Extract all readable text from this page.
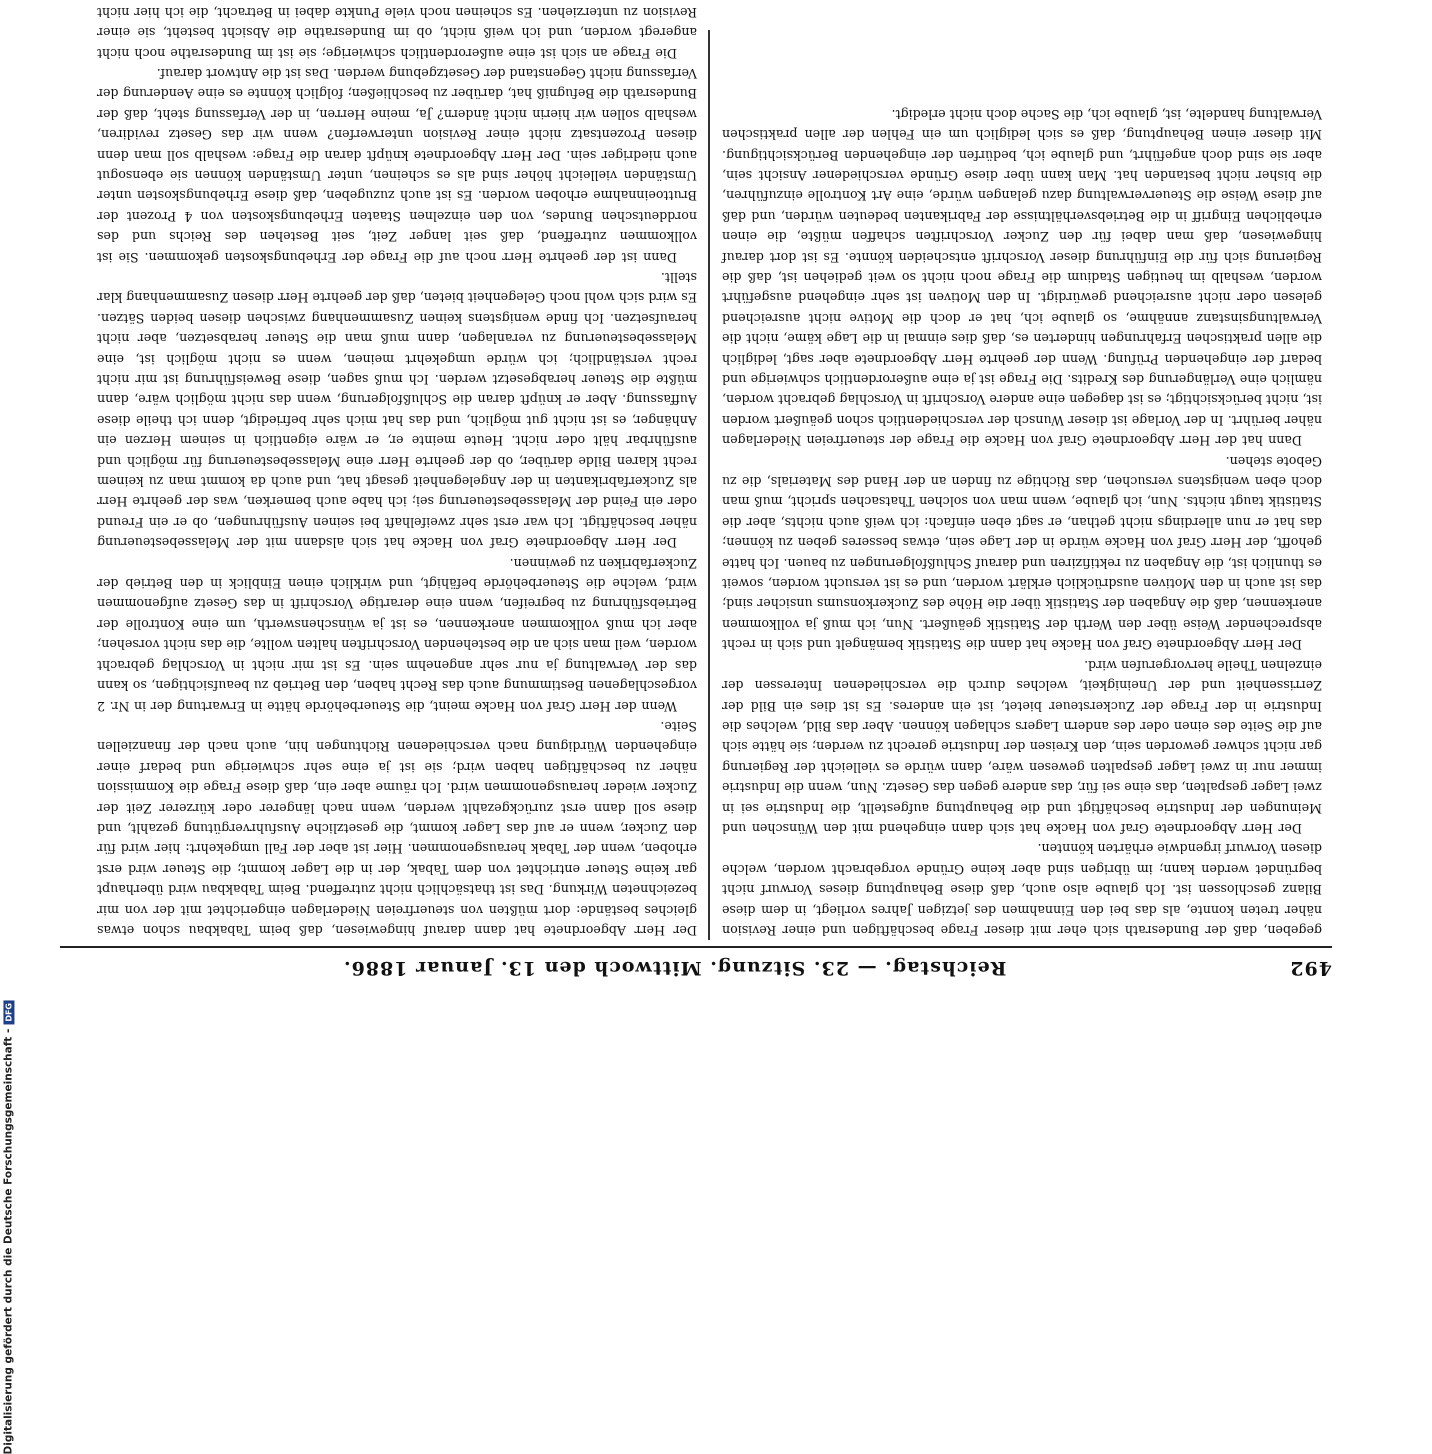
492
Reichstag. — 23. Sitzung. Mittwoch den 13. Januar 1886.

gegeben, daß der Bundesrath sich eher mit dieser Frage beschäftigen und einer Revision näher treten konnte, als das bei den Einnahmen des jetzigen Jahres vorliegt, in dem diese Bilanz geschlossen ist. Ich glaube also auch, daß diese Behauptung dieses Vorwurf nicht begründet werden kann; im übrigen sind aber keine Gründe vorgebracht worden, welche diesen Vorwurf irgendwie erhärten könnten.

Der Herr Abgeordnete Graf von Hacke hat sich dann eingehend mit den Wünschen und Meinungen der Industrie beschäftigt und die Behauptung aufgestellt, die Industrie sei in zwei Lager gespalten, das eine sei für, das andere gegen das Gesetz. Nun, wenn die Industrie immer nur in zwei Lager gespalten gewesen wäre, dann würde es vielleicht der Regierung gar nicht schwer geworden sein, den Kreisen der Industrie gerecht zu werden; sie hätte sich auf die Seite des einen oder des andern Lagers schlagen können. Aber das Bild, welches die Industrie in der Frage der Zuckersteuer bietet, ist ein anderes. Es ist dies ein Bild der Zerrissenheit und der Uneinigkeit, welches durch die verschiedenen Interessen der einzelnen Theile hervorgerufen wird.

Der Herr Abgeordnete Graf von Hacke hat dann die Statistik bemängelt und sich in recht absprechender Weise über den Werth der Statistik geäußert. Nun, ich muß ja vollkommen anerkennen, daß die Angaben der Statistik über die Höhe des Zuckerkonsums unsicher sind; das ist auch in den Motiven ausdrücklich erklärt worden, und es ist versucht worden, soweit es thunlich ist, die Angaben zu rektifiziren und darauf Schlußfolgerungen zu bauen. Ich hatte gehofft, der Herr Graf von Hacke würde in der Lage sein, etwas besseres geben zu können; das hat er nun allerdings nicht gethan, er sagt eben einfach: ich weiß auch nichts, aber die Statistik taugt nichts. Nun, ich glaube, wenn man von solchen Thatsachen spricht, muß man doch eben wenigstens versuchen, das Richtige zu finden an der Hand des Materials, die zu Gebote stehen.

Dann hat der Herr Abgeordnete Graf von Hacke die Frage der steuerfreien Niederlagen näher berührt. In der Vorlage ist dieser Wunsch der verschiedentlich schon geäußert worden ist, nicht berücksichtigt; es ist dagegen eine andere Vorschrift in Vorschlag gebracht worden, nämlich eine Verlängerung des Kredits. Die Frage ist ja eine außerordentlich schwierige und bedarf der eingehenden Prüfung. Wenn der geehrte Herr Abgeordnete aber sagt, lediglich die allen praktischen Erfahrungen hinderten es, daß dies einmal in die Lage käme, nicht die Verwaltungsinstanz annähme, so glaube ich, hat er doch die Motive nicht ausreichend gelesen oder nicht ausreichend gewürdigt. In den Motiven ist sehr eingehend ausgeführt worden, weshalb im heutigen Stadium die Frage noch nicht so weit gediehen ist, daß die Regierung sich für die Einführung dieser Vorschrift entscheiden könnte. Es ist dort darauf hingewiesen, daß man dabei für den Zucker Vorschriften schaffen müßte, die einen erheblichen Eingriff in die Betriebsverhältnisse der Fabrikanten bedeuten würden, und daß auf diese Weise die Steuerverwaltung dazu gelangen würde, eine Art Kontrolle einzuführen, die bisher nicht bestanden hat. Man kann über diese Gründe verschiedener Ansicht sein, aber sie sind doch angeführt, und glaube ich, bedürfen der eingehenden Berücksichtigung. Mit dieser einen Behauptung, daß es sich lediglich um ein Fehlen der allen praktischen Verwaltung handelte, ist, glaube ich, die Sache doch nicht erledigt.

Der Herr Abgeordnete hat dann darauf hingewiesen, daß beim Tabakbau schon etwas gleiches bestände: dort müßten von steuerfreien Niederlagen eingerichtet mit der von mir bezeichneten Wirkung. Das ist thatsächlich nicht zutreffend. Beim Tabakbau wird überhaupt gar keine Steuer entrichtet von dem Tabak, der in die Lager kommt; die Steuer wird erst erhoben, wenn der Tabak herausgenommen. Hier ist aber der Fall umgekehrt: hier wird für den Zucker, wenn er auf das Lager kommt, die gesetzliche Ausfuhrvergütung gezahlt, und diese soll dann erst zurückgezahlt werden, wenn nach längerer oder kürzerer Zeit der Zucker wieder herausgenommen wird. Ich räume aber ein, daß diese Frage die Kommission näher zu beschäftigen haben wird; sie ist ja eine sehr schwierige und bedarf einer eingehenden Würdigung nach verschiedenen Richtungen hin, auch nach der finanziellen Seite.

Wenn der Herr Graf von Hacke meint, die Steuerbehörde hätte in Erwartung der in Nr. 2 vorgeschlagenen Bestimmung auch das Recht haben, den Betrieb zu beaufsichtigen, so kann das der Verwaltung ja nur sehr angenehm sein. Es ist mir nicht in Vorschlag gebracht worden, weil man sich an die bestehenden Vorschriften halten wollte, die das nicht vorsehen; aber ich muß vollkommen anerkennen, es ist ja wünschenswerth, um eine Kontrolle der Betriebsführung zu begreifen, wenn eine derartige Vorschrift in das Gesetz aufgenommen wird, welche die Steuerbehörde befähigt, und wirklich einen Einblick in den Betrieb der Zuckerfabriken zu gewinnen.

Der Herr Abgeordnete Graf von Hacke hat sich alsdann mit der Melassebesteuerung näher beschäftigt. Ich war erst sehr zweifelhaft bei seinen Ausführungen, ob er ein Freund oder ein Feind der Melassebesteuerung sei; ich habe auch bemerken, was der geehrte Herr als Zuckerfabrikanten in der Angelegenheit gesagt hat, und auch da kommt man zu keinem recht klaren Bilde darüber, ob der geehrte Herr eine Melassebesteuerung für möglich und ausführbar hält oder nicht. Heute meinte er, er wäre eigentlich in seinem Herzen ein Anhänger, es ist nicht gut möglich, und das hat mich sehr befriedigt, denn ich theile diese Auffassung. Aber er knüpft daran die Schlußfolgerung, wenn das nicht möglich wäre, dann müßte die Steuer herabgesetzt werden. Ich muß sagen, diese Beweisführung ist mir nicht recht verständlich; ich würde umgekehrt meinen, wenn es nicht möglich ist, eine Melassebesteuerung zu veranlagen, dann muß man die Steuer herabsetzen, aber nicht heraufsetzen. Ich finde wenigstens keinen Zusammenhang zwischen diesen beiden Sätzen. Es wird sich wohl noch Gelegenheit bieten, daß der geehrte Herr diesen Zusammenhang klar stellt.

Dann ist der geehrte Herr noch auf die Frage der Erhebungskosten gekommen. Sie ist vollkommen zutreffend, daß seit langer Zeit, seit Bestehen des Reichs und des norddeutschen Bundes, von den einzelnen Staaten Erhebungskosten von 4 Prozent der Bruttoeinnahme erhoben worden. Es ist auch zuzugeben, daß diese Erhebungskosten unter Umständen vielleicht höher sind als es scheinen, unter Umständen können sie ebensogut auch niedriger sein. Der Herr Abgeordnete knüpft daran die Frage: weshalb soll man denn diesen Prozentsatz nicht einer Revision unterwerfen? wenn wir das Gesetz revidiren, weshalb sollen wir hierin nicht ändern? Ja, meine Herren, in der Verfassung steht, daß der Bundesrath die Befugniß hat, darüber zu beschließen; folglich könnte es eine Aenderung der Verfassung nicht Gegenstand der Gesetzgebung werden. Das ist die Antwort darauf.

Die Frage an sich ist eine außerordentlich schwierige; sie ist im Bundesrathe noch nicht angeregt worden, und ich weiß nicht, ob im Bundesrathe die Absicht besteht, sie einer Revision zu unterziehen. Es scheinen noch viele Punkte dabei in Betracht, die ich hier nicht

Digitalisierung gefördert durch die Deutsche Forschungsgemeinschaft -DFG
